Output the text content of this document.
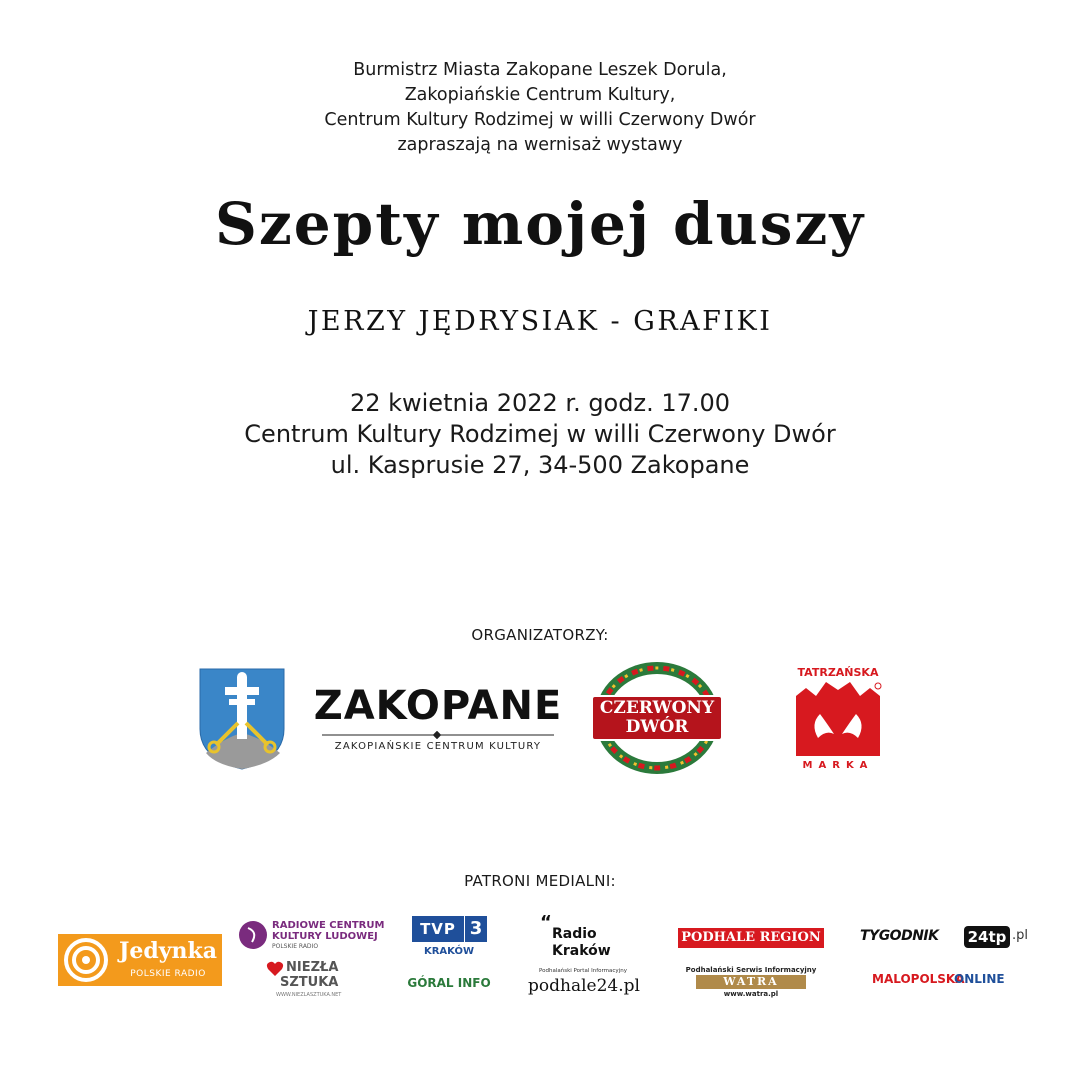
Burmistrz Miasta Zakopane Leszek Dorula,
Zakopiańskie Centrum Kultury,
Centrum Kultury Rodzimej w willi Czerwony Dwór
zapraszają na wernisaż wystawy
Szepty mojej duszy
JERZY JĘDRYSIAK - GRAFIKI
22 kwietnia 2022 r. godz. 17.00
Centrum Kultury Rodzimej w willi Czerwony Dwór
ul. Kasprusie 27, 34-500 Zakopane
ORGANIZATORZY:
ZAKOPANE
ZAKOPIAŃSKIE CENTRUM KULTURY
CZERWONY
DWÓR
TATRZAŃSKA
MARKA
PATRONI MEDIALNI:
Jedynka
POLSKIE RADIO
RADIOWE CENTRUM
KULTURY LUDOWEJ
POLSKIE RADIO
NIEZŁA
SZTUKA
WWW.NIEZLASZTUKA.NET
TVP 3
KRAKÓW
GÓRAL INFO
“
Radio
Kraków
Podhalański Portal Informacyjny
podhale24.pl
PODHALE REGION
Podhalański Serwis Informacyjny
WATRA
www.watra.pl
TYGODNIK 24tp .pl
MALOPOLSKA
ONLINE
